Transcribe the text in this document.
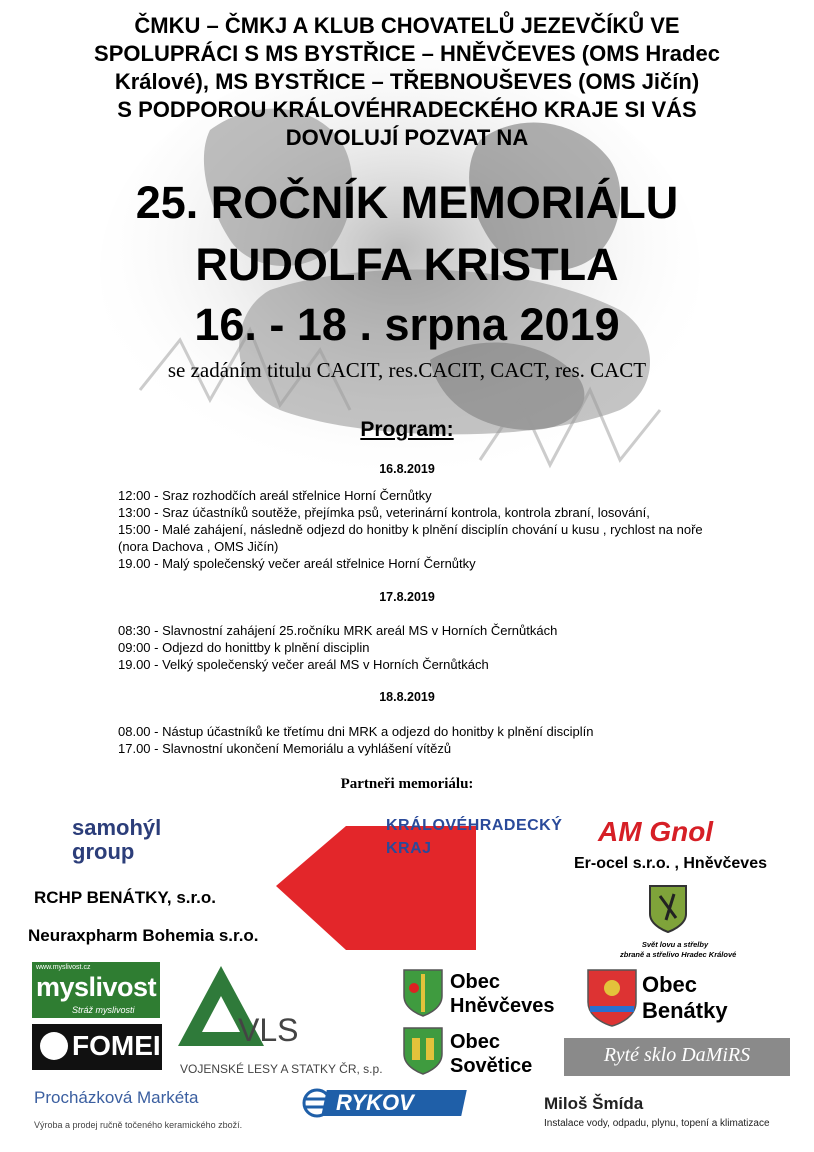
ČMKU – ČMKJ A KLUB CHOVATELŮ JEZEVČÍKŮ VE
SPOLUPRÁCI S MS BYSTŘICE – HNĚVČEVES (OMS Hradec
Králové), MS BYSTŘICE – TŘEBNOUŠEVES (OMS Jičín)
S PODPOROU KRÁLOVÉHRADECKÉHO KRAJE SI VÁS
DOVOLUJÍ POZVAT NA
25. ROČNÍK MEMORIÁLU
RUDOLFA KRISTLA
16. - 18 . srpna 2019
se zadáním titulu CACIT, res.CACIT, CACT, res. CACT
Program:
16.8.2019
12:00 - Sraz rozhodčích areál střelnice Horní Černůtky
13:00 - Sraz účastníků soutěže, přejímka psů, veterinární kontrola, kontrola zbraní, losování,
15:00 - Malé zahájení, následně odjezd do honitby k plnění disciplín chování u kusu , rychlost na noře
(nora Dachova , OMS Jičín)
19.00 - Malý společenský večer areál střelnice Horní Černůtky
17.8.2019
08:30 - Slavnostní zahájení 25.ročníku MRK areál MS v Horních Černůtkách
09:00 - Odjezd do honittby k plnění disciplin
19.00 - Velký společenský večer areál MS v Horních Černůtkách
18.8.2019
08.00 - Nástup účastníků ke třetímu dni MRK a odjezd do honitby k plnění disciplín
17.00 - Slavnostní ukončení Memoriálu a vyhlášení vítězů
Partneři memoriálu:
samohýl
group
KRÁLOVÉHRADECKÝ
KRAJ
AM Gnol
Er-ocel s.r.o. , Hněvčeves
RCHP BENÁTKY, s.r.o.
Neuraxpharm Bohemia s.r.o.	Svět lovu a střelby
zbraně a střelivo Hradec Králové
www.myslivost.cz
myslivost
Stráž myslivosti
FOMEI VLS
VOJENSKÉ LESY A STATKY ČR, s.p.
Obec
Hněvčeves
Obec
Sovětice
Obec
Benátky
Ryté sklo DaMiRS
Procházková Markéta
Výroba a prodej ručně točeného keramického zboží.
RYKOV	Miloš Šmída
Instalace vody, odpadu, plynu, topení a klimatizace
